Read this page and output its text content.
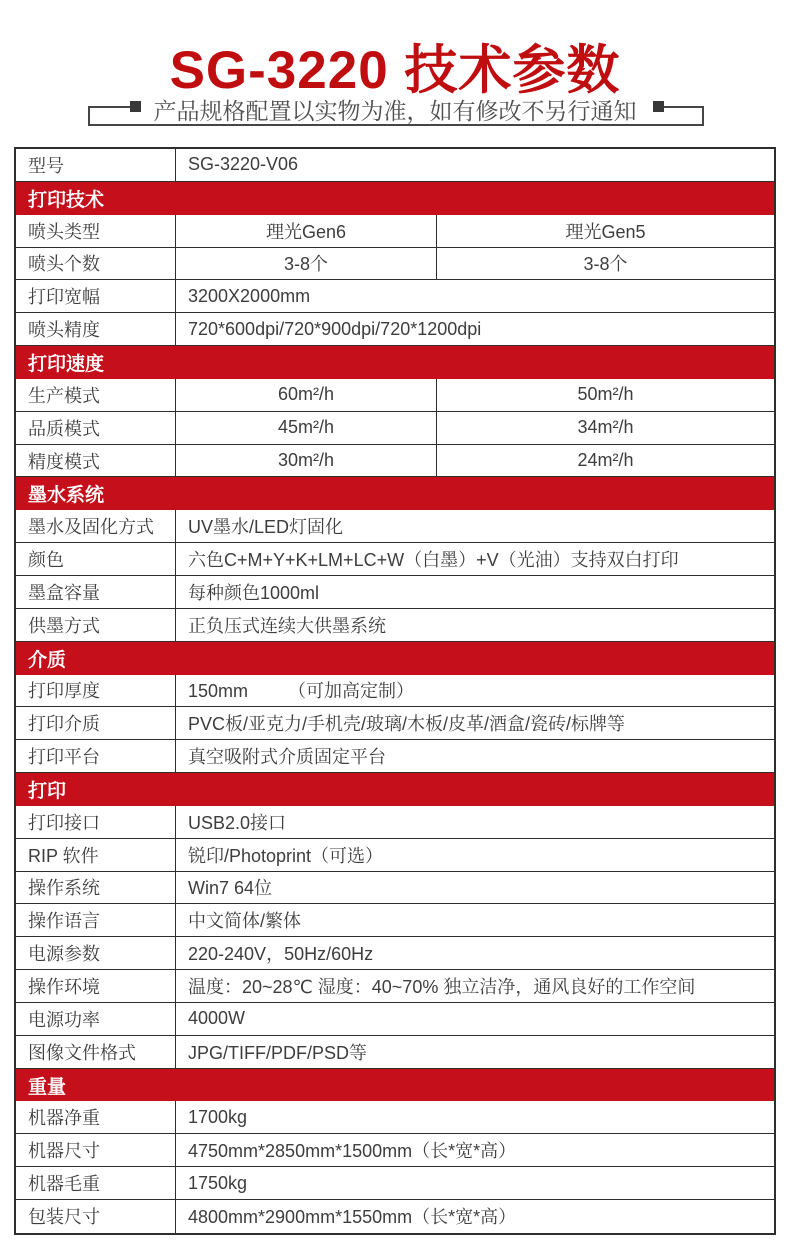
SG-3220 技术参数
产品规格配置以实物为准，如有修改不另行通知
型号	SG-3220-V06
打印技术
喷头类型	理光Gen6	理光Gen5
喷头个数	3-8个	3-8个
打印宽幅	3200X2000mm
喷头精度	720*600dpi/720*900dpi/720*1200dpi
打印速度
生产模式	60m²/h	50m²/h
品质模式	45m²/h	34m²/h
精度模式	30m²/h	24m²/h
墨水系统
墨水及固化方式	UV墨水/LED灯固化
颜色	六色C+M+Y+K+LM+LC+W（白墨）+V（光油）支持双白打印
墨盒容量	每种颜色1000ml
供墨方式	正负压式连续大供墨系统
介质
打印厚度	150mm        （可加高定制）
打印介质	PVC板/亚克力/手机壳/玻璃/木板/皮革/酒盒/瓷砖/标牌等
打印平台	真空吸附式介质固定平台
打印
打印接口	USB2.0接口
RIP 软件	锐印/Photoprint（可选）
操作系统	Win7 64位
操作语言	中文简体/繁体
电源参数	220-240V，50Hz/60Hz
操作环境	温度：20~28℃ 湿度：40~70% 独立洁净，通风良好的工作空间
电源功率	4000W
图像文件格式	JPG/TIFF/PDF/PSD等
重量
机器净重	1700kg
机器尺寸	4750mm*2850mm*1500mm（长*宽*高）
机器毛重	1750kg
包装尺寸	4800mm*2900mm*1550mm（长*宽*高）
